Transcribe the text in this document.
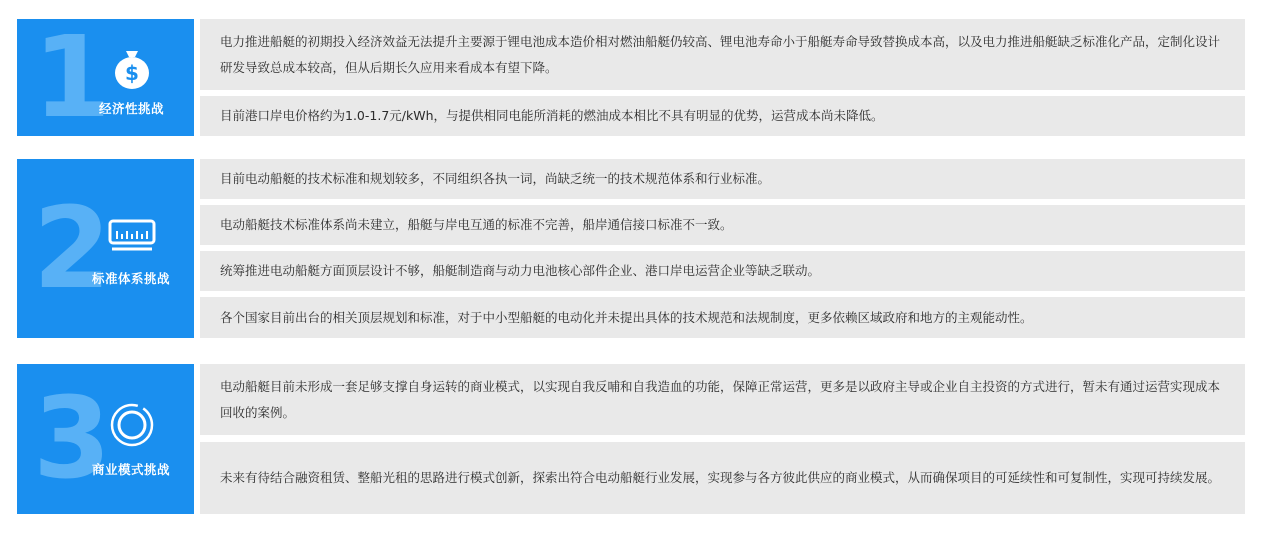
1 $
经济性挑战
电力推进船艇的初期投入经济效益无法提升主要源于锂电池成本造价相对燃油船艇仍较高、锂电池寿命小于船艇寿命导致替换成本高，以及电力推进船艇缺乏标准化产品，定制化设计研发导致总成本较高，但从后期长久应用来看成本有望下降。
目前港口岸电价格约为1.0-1.7元/kWh，与提供相同电能所消耗的燃油成本相比不具有明显的优势，运营成本尚未降低。
2
标准体系挑战
目前电动船艇的技术标准和规划较多，不同组织各执一词，尚缺乏统一的技术规范体系和行业标准。
电动船艇技术标准体系尚未建立，船艇与岸电互通的标准不完善，船岸通信接口标准不一致。
统筹推进电动船艇方面顶层设计不够，船艇制造商与动力电池核心部件企业、港口岸电运营企业等缺乏联动。
各个国家目前出台的相关顶层规划和标准，对于中小型船艇的电动化并未提出具体的技术规范和法规制度，更多依赖区域政府和地方的主观能动性。
3
商业模式挑战
电动船艇目前未形成一套足够支撑自身运转的商业模式，以实现自我反哺和自我造血的功能，保障正常运营，更多是以政府主导或企业自主投资的方式进行，暂未有通过运营实现成本回收的案例。
未来有待结合融资租赁、整船光租的思路进行模式创新，探索出符合电动船艇行业发展，实现参与各方彼此供应的商业模式，从而确保项目的可延续性和可复制性，实现可持续发展。
